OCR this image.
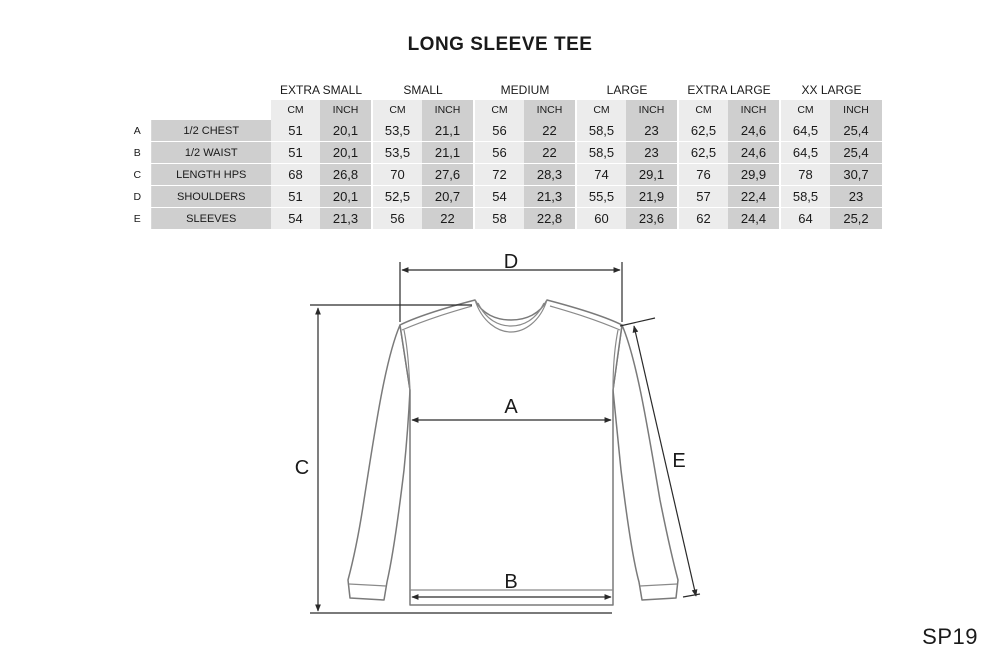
LONG SLEEVE TEE
		EXTRA SMALL		SMALL		MEDIUM		LARGE		EXTRA LARGE		XX LARGE	
		CM	INCH	CM	INCH	CM	INCH	CM	INCH	CM	INCH	CM	INCH
A	1/2 CHEST	51	20,1	53,5	21,1	56	22	58,5	23	62,5	24,6	64,5	25,4
B	1/2 WAIST	51	20,1	53,5	21,1	56	22	58,5	23	62,5	24,6	64,5	25,4
C	LENGTH HPS	68	26,8	70	27,6	72	28,3	74	29,1	76	29,9	78	30,7
D	SHOULDERS	51	20,1	52,5	20,7	54	21,3	55,5	21,9	57	22,4	58,5	23
E	SLEEVES	54	21,3	56	22	58	22,8	60	23,6	62	24,4	64	25,2
D
A
B
C	E
SP19
